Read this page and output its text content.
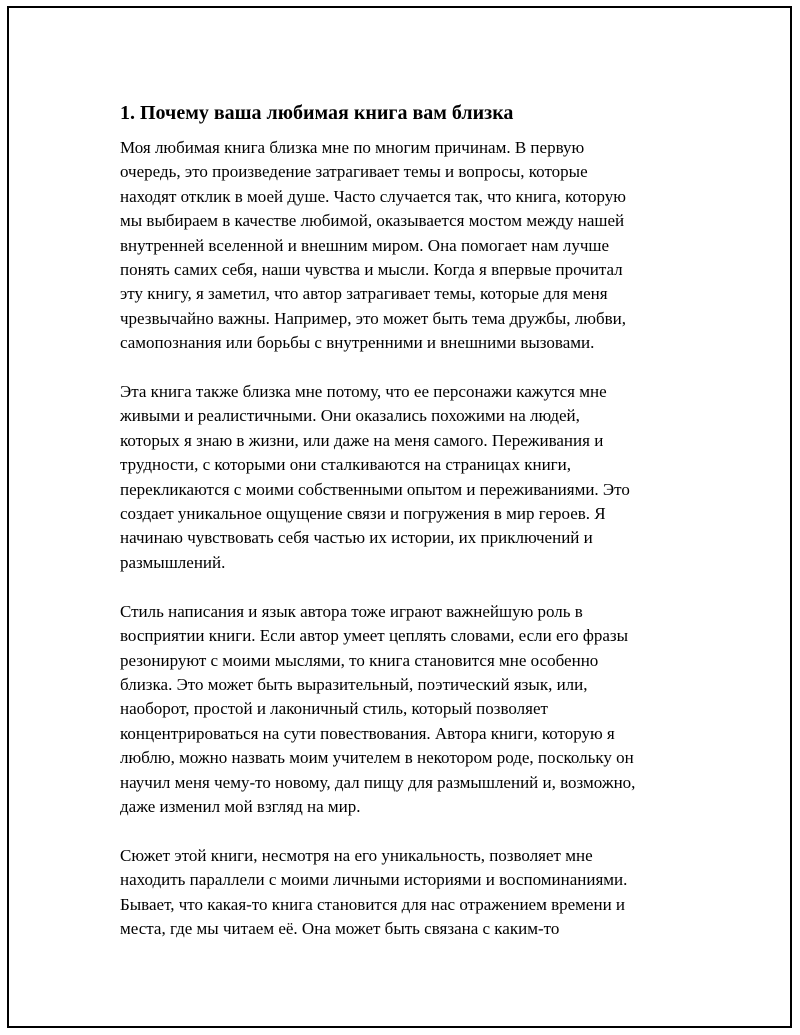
1. Почему ваша любимая книга вам близка
Моя любимая книга близка мне по многим причинам. В первую
очередь, это произведение затрагивает темы и вопросы, которые
находят отклик в моей душе. Часто случается так, что книга, которую
мы выбираем в качестве любимой, оказывается мостом между нашей
внутренней вселенной и внешним миром. Она помогает нам лучше
понять самих себя, наши чувства и мысли. Когда я впервые прочитал
эту книгу, я заметил, что автор затрагивает темы, которые для меня
чрезвычайно важны. Например, это может быть тема дружбы, любви,
самопознания или борьбы с внутренними и внешними вызовами.
Эта книга также близка мне потому, что ее персонажи кажутся мне
живыми и реалистичными. Они оказались похожими на людей,
которых я знаю в жизни, или даже на меня самого. Переживания и
трудности, с которыми они сталкиваются на страницах книги,
перекликаются с моими собственными опытом и переживаниями. Это
создает уникальное ощущение связи и погружения в мир героев. Я
начинаю чувствовать себя частью их истории, их приключений и
размышлений.
Стиль написания и язык автора тоже играют важнейшую роль в
восприятии книги. Если автор умеет цеплять словами, если его фразы
резонируют с моими мыслями, то книга становится мне особенно
близка. Это может быть выразительный, поэтический язык, или,
наоборот, простой и лаконичный стиль, который позволяет
концентрироваться на сути повествования. Автора книги, которую я
люблю, можно назвать моим учителем в некотором роде, поскольку он
научил меня чему-то новому, дал пищу для размышлений и, возможно,
даже изменил мой взгляд на мир.
Сюжет этой книги, несмотря на его уникальность, позволяет мне
находить параллели с моими личными историями и воспоминаниями.
Бывает, что какая-то книга становится для нас отражением времени и
места, где мы читаем её. Она может быть связана с каким-то
